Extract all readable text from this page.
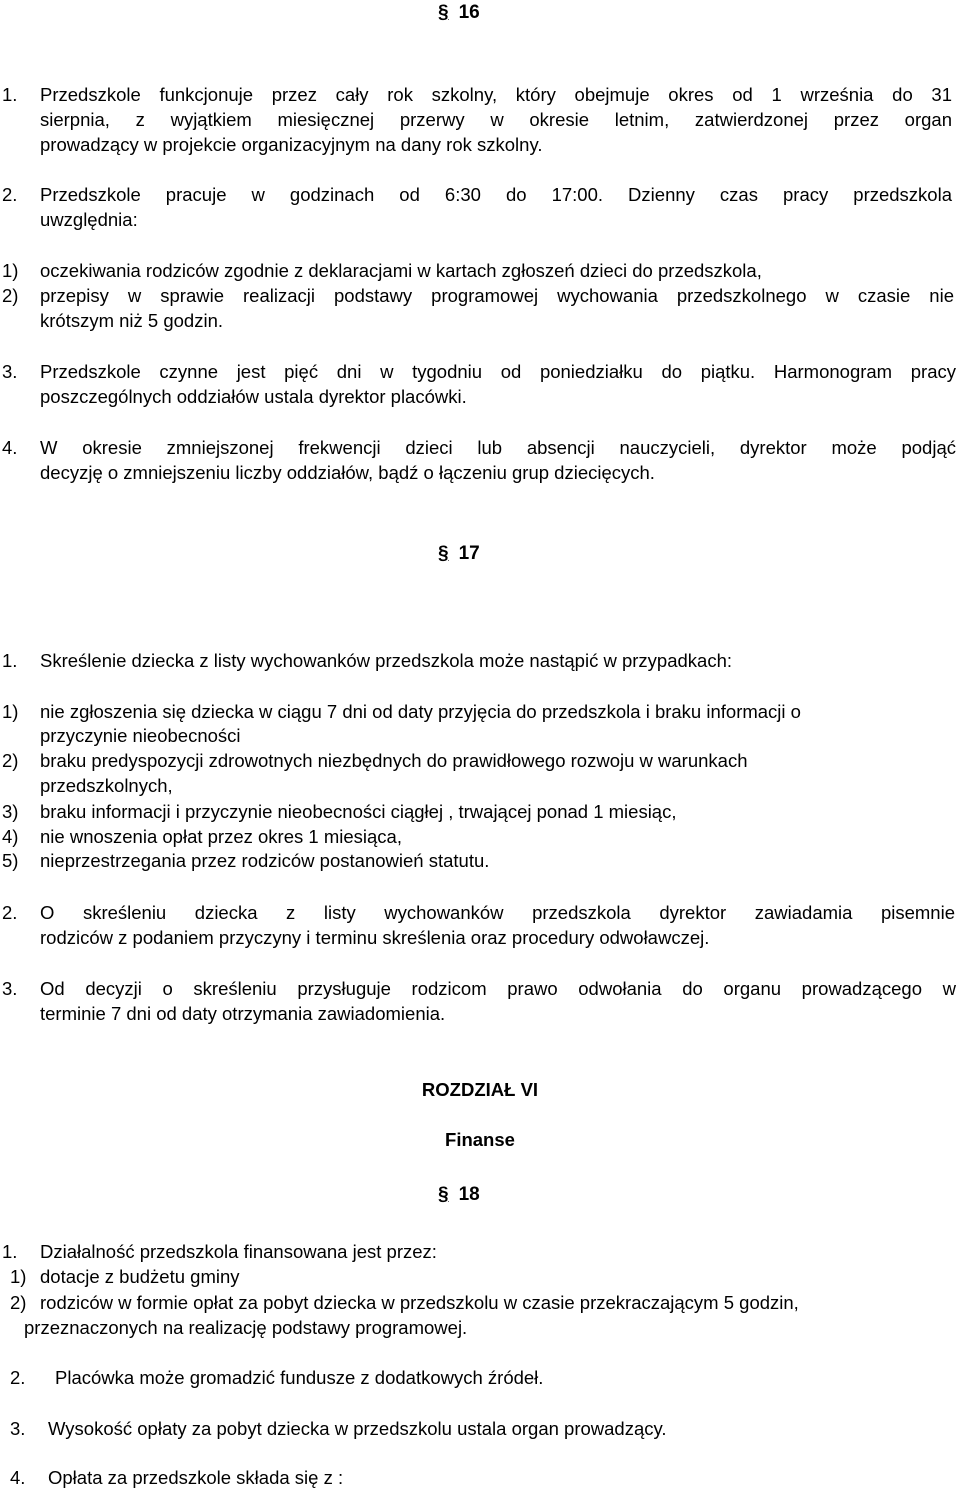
§ 16
1. Przedszkole funkcjonuje przez cały rok szkolny, który obejmuje okres od 1 września do 31
sierpnia, z wyjątkiem miesięcznej przerwy w okresie letnim, zatwierdzonej przez organ
prowadzący w projekcie organizacyjnym na dany rok szkolny.
2. Przedszkole pracuje w godzinach od 6:30 do 17:00. Dzienny czas pracy przedszkola
uwzględnia:
1) oczekiwania rodziców zgodnie z deklaracjami w kartach zgłoszeń dzieci do przedszkola,
2) przepisy w sprawie realizacji podstawy programowej wychowania przedszkolnego w czasie nie
krótszym niż 5 godzin.
3. Przedszkole czynne jest pięć dni w tygodniu od poniedziałku do piątku. Harmonogram pracy
poszczególnych oddziałów ustala dyrektor placówki.
4. W okresie zmniejszonej frekwencji dzieci lub absencji nauczycieli, dyrektor może podjąć
decyzję o zmniejszeniu liczby oddziałów, bądź o łączeniu grup dziecięcych.
§ 17
1. Skreślenie dziecka z listy wychowanków przedszkola może nastąpić w przypadkach:
1) nie zgłoszenia się dziecka w ciągu 7 dni od daty przyjęcia do przedszkola i braku informacji o
przyczynie nieobecności
2) braku predyspozycji zdrowotnych niezbędnych do prawidłowego rozwoju w warunkach
przedszkolnych,
3) braku informacji i przyczynie nieobecności ciągłej , trwającej ponad 1 miesiąc,
4) nie wnoszenia opłat przez okres 1 miesiąca,
5) nieprzestrzegania przez rodziców postanowień statutu.
2. O skreśleniu dziecka z listy wychowanków przedszkola dyrektor zawiadamia pisemnie
rodziców z podaniem przyczyny i terminu skreślenia oraz procedury odwoławczej.
3. Od decyzji o skreśleniu przysługuje rodzicom prawo odwołania do organu prowadzącego w
terminie 7 dni od daty otrzymania zawiadomienia.
ROZDZIAŁ VI
Finanse
§ 18
1. Działalność przedszkola finansowana jest przez:
1) dotacje z budżetu gminy
2) rodziców w formie opłat za pobyt dziecka w przedszkolu w czasie przekraczającym 5 godzin,
przeznaczonych na realizację podstawy programowej.
2. Placówka może gromadzić fundusze z dodatkowych źródeł.
3. Wysokość opłaty za pobyt dziecka w przedszkolu ustala organ prowadzący.
4. Opłata za przedszkole składa się z :
